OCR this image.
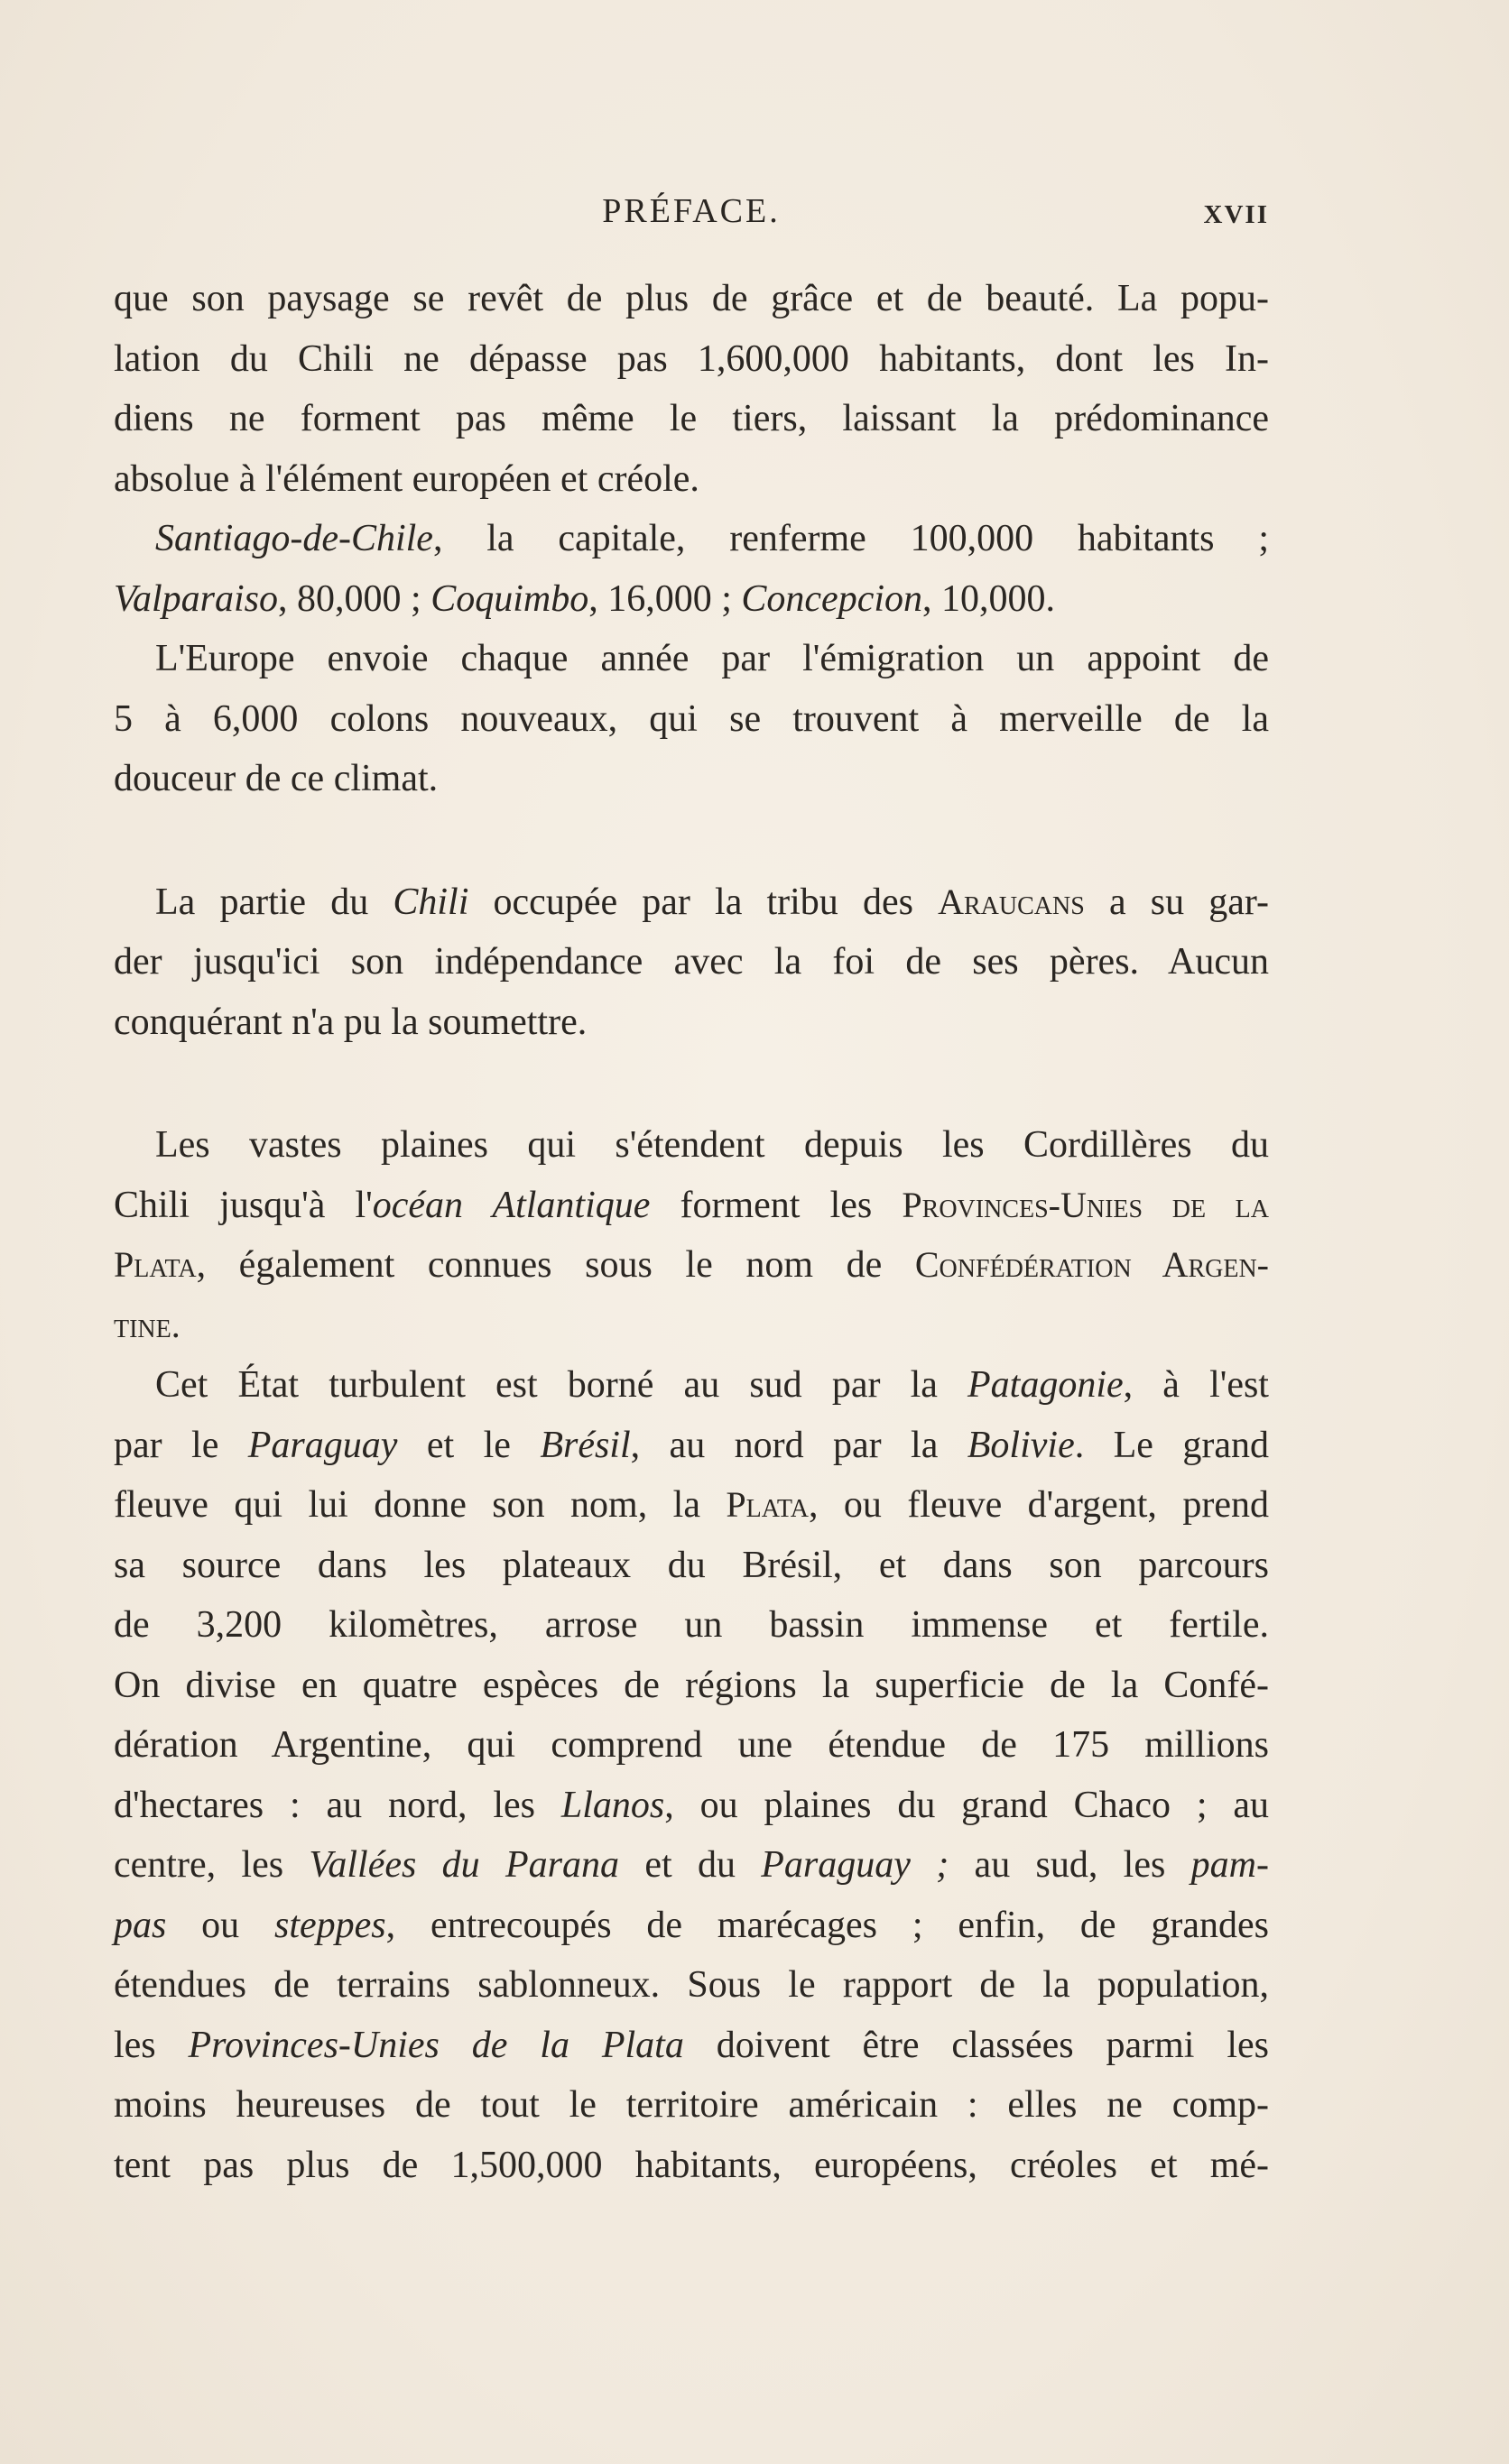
PRÉFACE.	XVII
que son paysage se revêt de plus de grâce et de beauté. La popu-
lation du Chili ne dépasse pas 1,600,000 habitants, dont les In-
diens ne forment pas même le tiers, laissant la prédominance
absolue à l'élément européen et créole.
Santiago-de-Chile, la capitale, renferme 100,000 habitants ;
Valparaiso, 80,000 ; Coquimbo, 16,000 ; Concepcion, 10,000.
L'Europe envoie chaque année par l'émigration un appoint de
5 à 6,000 colons nouveaux, qui se trouvent à merveille de la
douceur de ce climat.
La partie du Chili occupée par la tribu des Araucans a su gar-
der jusqu'ici son indépendance avec la foi de ses pères. Aucun
conquérant n'a pu la soumettre.
Les vastes plaines qui s'étendent depuis les Cordillères du
Chili jusqu'à l'océan Atlantique forment les Provinces-Unies de la
Plata, également connues sous le nom de Confédération Argen-
tine.
Cet État turbulent est borné au sud par la Patagonie, à l'est
par le Paraguay et le Brésil, au nord par la Bolivie. Le grand
fleuve qui lui donne son nom, la Plata, ou fleuve d'argent, prend
sa source dans les plateaux du Brésil, et dans son parcours
de 3,200 kilomètres, arrose un bassin immense et fertile.
On divise en quatre espèces de régions la superficie de la Confé-
dération Argentine, qui comprend une étendue de 175 millions
d'hectares : au nord, les Llanos, ou plaines du grand Chaco ; au
centre, les Vallées du Parana et du Paraguay ; au sud, les pam-
pas ou steppes, entrecoupés de marécages ; enfin, de grandes
étendues de terrains sablonneux. Sous le rapport de la population,
les Provinces-Unies de la Plata doivent être classées parmi les
moins heureuses de tout le territoire américain : elles ne comp-
tent pas plus de 1,500,000 habitants, européens, créoles et mé-
